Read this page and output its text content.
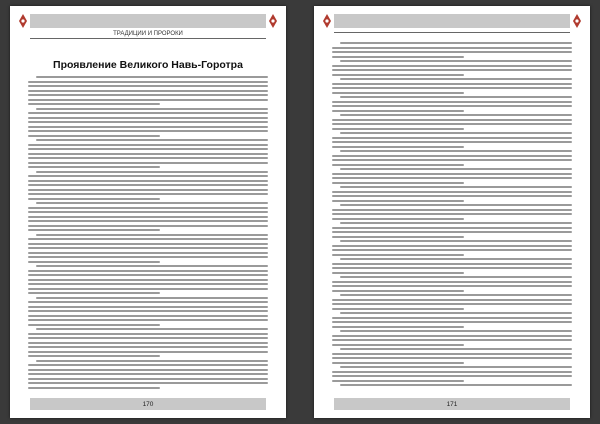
ТРАДИЦИИ И ПРОРОКИ
Проявление Великого Навь-Горотра
170	171
